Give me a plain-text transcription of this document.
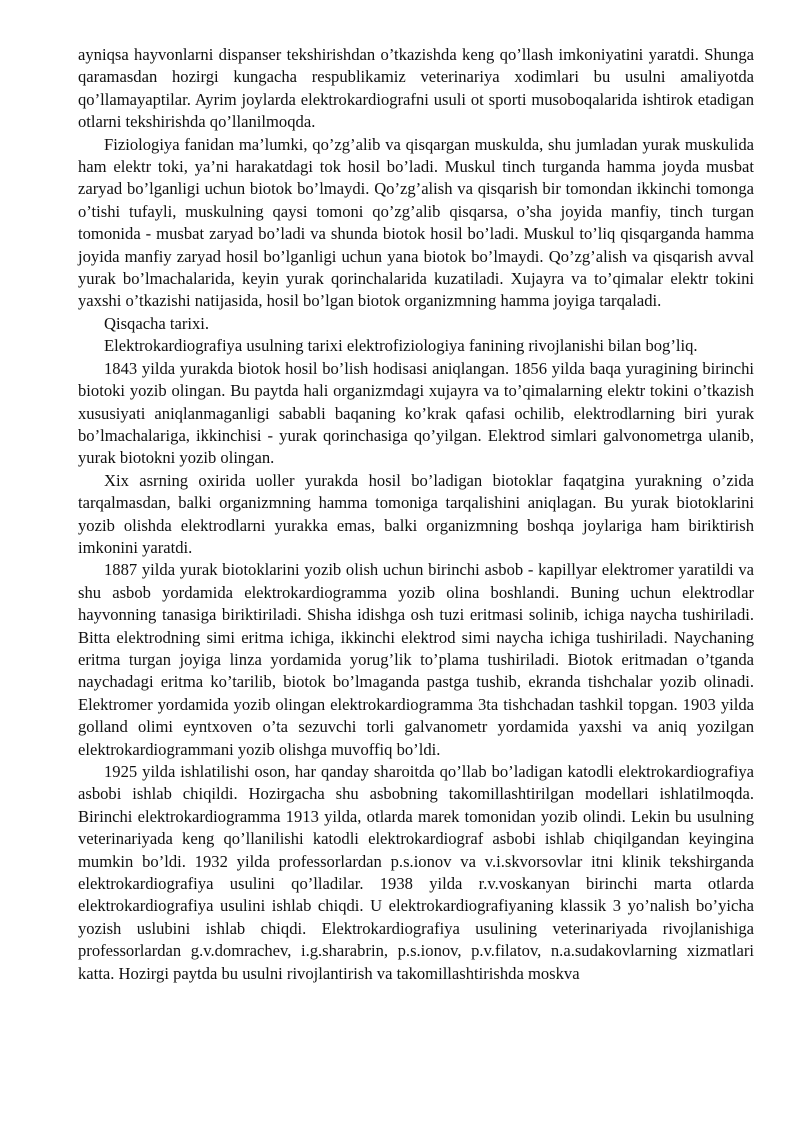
ayniqsa hayvonlarni dispanser tekshirishdan o’tkazishda keng qo’llash imkoniyatini yaratdi. Shunga qaramasdan hozirgi kungacha respublikamiz veterinariya xodimlari bu usulni amaliyotda qo’llamayaptilar. Ayrim joylarda elektrokardiografni usuli ot sporti musoboqalarida ishtirok etadigan otlarni tekshirishda qo’llanilmoqda.

Fiziologiya fanidan ma’lumki, qo’zg’alib va qisqargan muskulda, shu jumladan yurak muskulida ham elektr toki, ya’ni harakatdagi tok hosil bo’ladi. Muskul tinch turganda hamma joyda musbat zaryad bo’lganligi uchun biotok bo’lmaydi. Qo’zg’alish va qisqarish bir tomondan ikkinchi tomonga o’tishi tufayli, muskulning qaysi tomoni qo’zg’alib qisqarsa, o’sha joyida manfiy, tinch turgan tomonida - musbat zaryad bo’ladi va shunda biotok hosil bo’ladi. Muskul to’liq qisqarganda hamma joyida manfiy zaryad hosil bo’lganligi uchun yana biotok bo’lmaydi. Qo’zg’alish va qisqarish avval yurak bo’lmachalarida, keyin yurak qorinchalarida kuzatiladi. Xujayra va to’qimalar elektr tokini yaxshi o’tkazishi natijasida, hosil bo’lgan biotok organizmning hamma joyiga tarqaladi.

Qisqacha tarixi.

Elektrokardiografiya usulning tarixi elektrofiziologiya fanining rivojlanishi bilan bog’liq.

1843 yilda yurakda biotok hosil bo’lish hodisasi aniqlangan. 1856 yilda baqa yuragining birinchi biotoki yozib olingan. Bu paytda hali organizmdagi xujayra va to’qimalarning elektr tokini o’tkazish xususiyati aniqlanmaganligi sababli baqaning ko’krak qafasi ochilib, elektrodlarning biri yurak bo’lmachalariga, ikkinchisi - yurak qorinchasiga qo’yilgan. Elektrod simlari galvonometrga ulanib, yurak biotokni yozib olingan.

Xix asrning oxirida uoller yurakda hosil bo’ladigan biotoklar faqatgina yurakning o’zida tarqalmasdan, balki organizmning hamma tomoniga tarqalishini aniqlagan. Bu yurak biotoklarini yozib olishda elektrodlarni yurakka emas, balki organizmning boshqa joylariga ham biriktirish imkonini yaratdi.

1887 yilda yurak biotoklarini yozib olish uchun birinchi asbob - kapillyar elektromer yaratildi va shu asbob yordamida elektrokardiogramma yozib olina boshlandi. Buning uchun elektrodlar hayvonning tanasiga biriktiriladi. Shisha idishga osh tuzi eritmasi solinib, ichiga naycha tushiriladi. Bitta elektrodning simi eritma ichiga, ikkinchi elektrod simi naycha ichiga tushiriladi. Naychaning eritma turgan joyiga linza yordamida yorug’lik to’plama tushiriladi. Biotok eritmadan o’tganda naychadagi eritma ko’tarilib, biotok bo’lmaganda pastga tushib, ekranda tishchalar yozib olinadi. Elektromer yordamida yozib olingan elektrokardiogramma 3ta tishchadan tashkil topgan. 1903 yilda golland olimi eyntxoven o’ta sezuvchi torli galvanometr yordamida yaxshi va aniq yozilgan elektrokardiogrammani yozib olishga muvoffiq bo’ldi.

1925 yilda ishlatilishi oson, har qanday sharoitda qo’llab bo’ladigan katodli elektrokardiografiya asbobi ishlab chiqildi. Hozirgacha shu asbobning takomillashtirilgan modellari ishlatilmoqda. Birinchi elektrokardiogramma 1913 yilda, otlarda marek tomonidan yozib olindi. Lekin bu usulning veterinariyada keng qo’llanilishi katodli elektrokardiograf asbobi ishlab chiqilgandan keyingina mumkin bo’ldi. 1932 yilda professorlardan p.s.ionov va v.i.skvorsovlar itni klinik tekshirganda elektrokardiografiya usulini qo’lladilar. 1938 yilda r.v.voskanyan birinchi marta otlarda elektrokardiografiya usulini ishlab chiqdi. U elektrokardiografiyaning klassik 3 yo’nalish bo’yicha yozish uslubini ishlab chiqdi. Elektrokardiografiya usulining veterinariyada rivojlanishiga professorlardan g.v.domrachev, i.g.sharabrin, p.s.ionov, p.v.filatov, n.a.sudakovlarning xizmatlari katta. Hozirgi paytda bu usulni rivojlantirish va takomillashtirishda moskva
